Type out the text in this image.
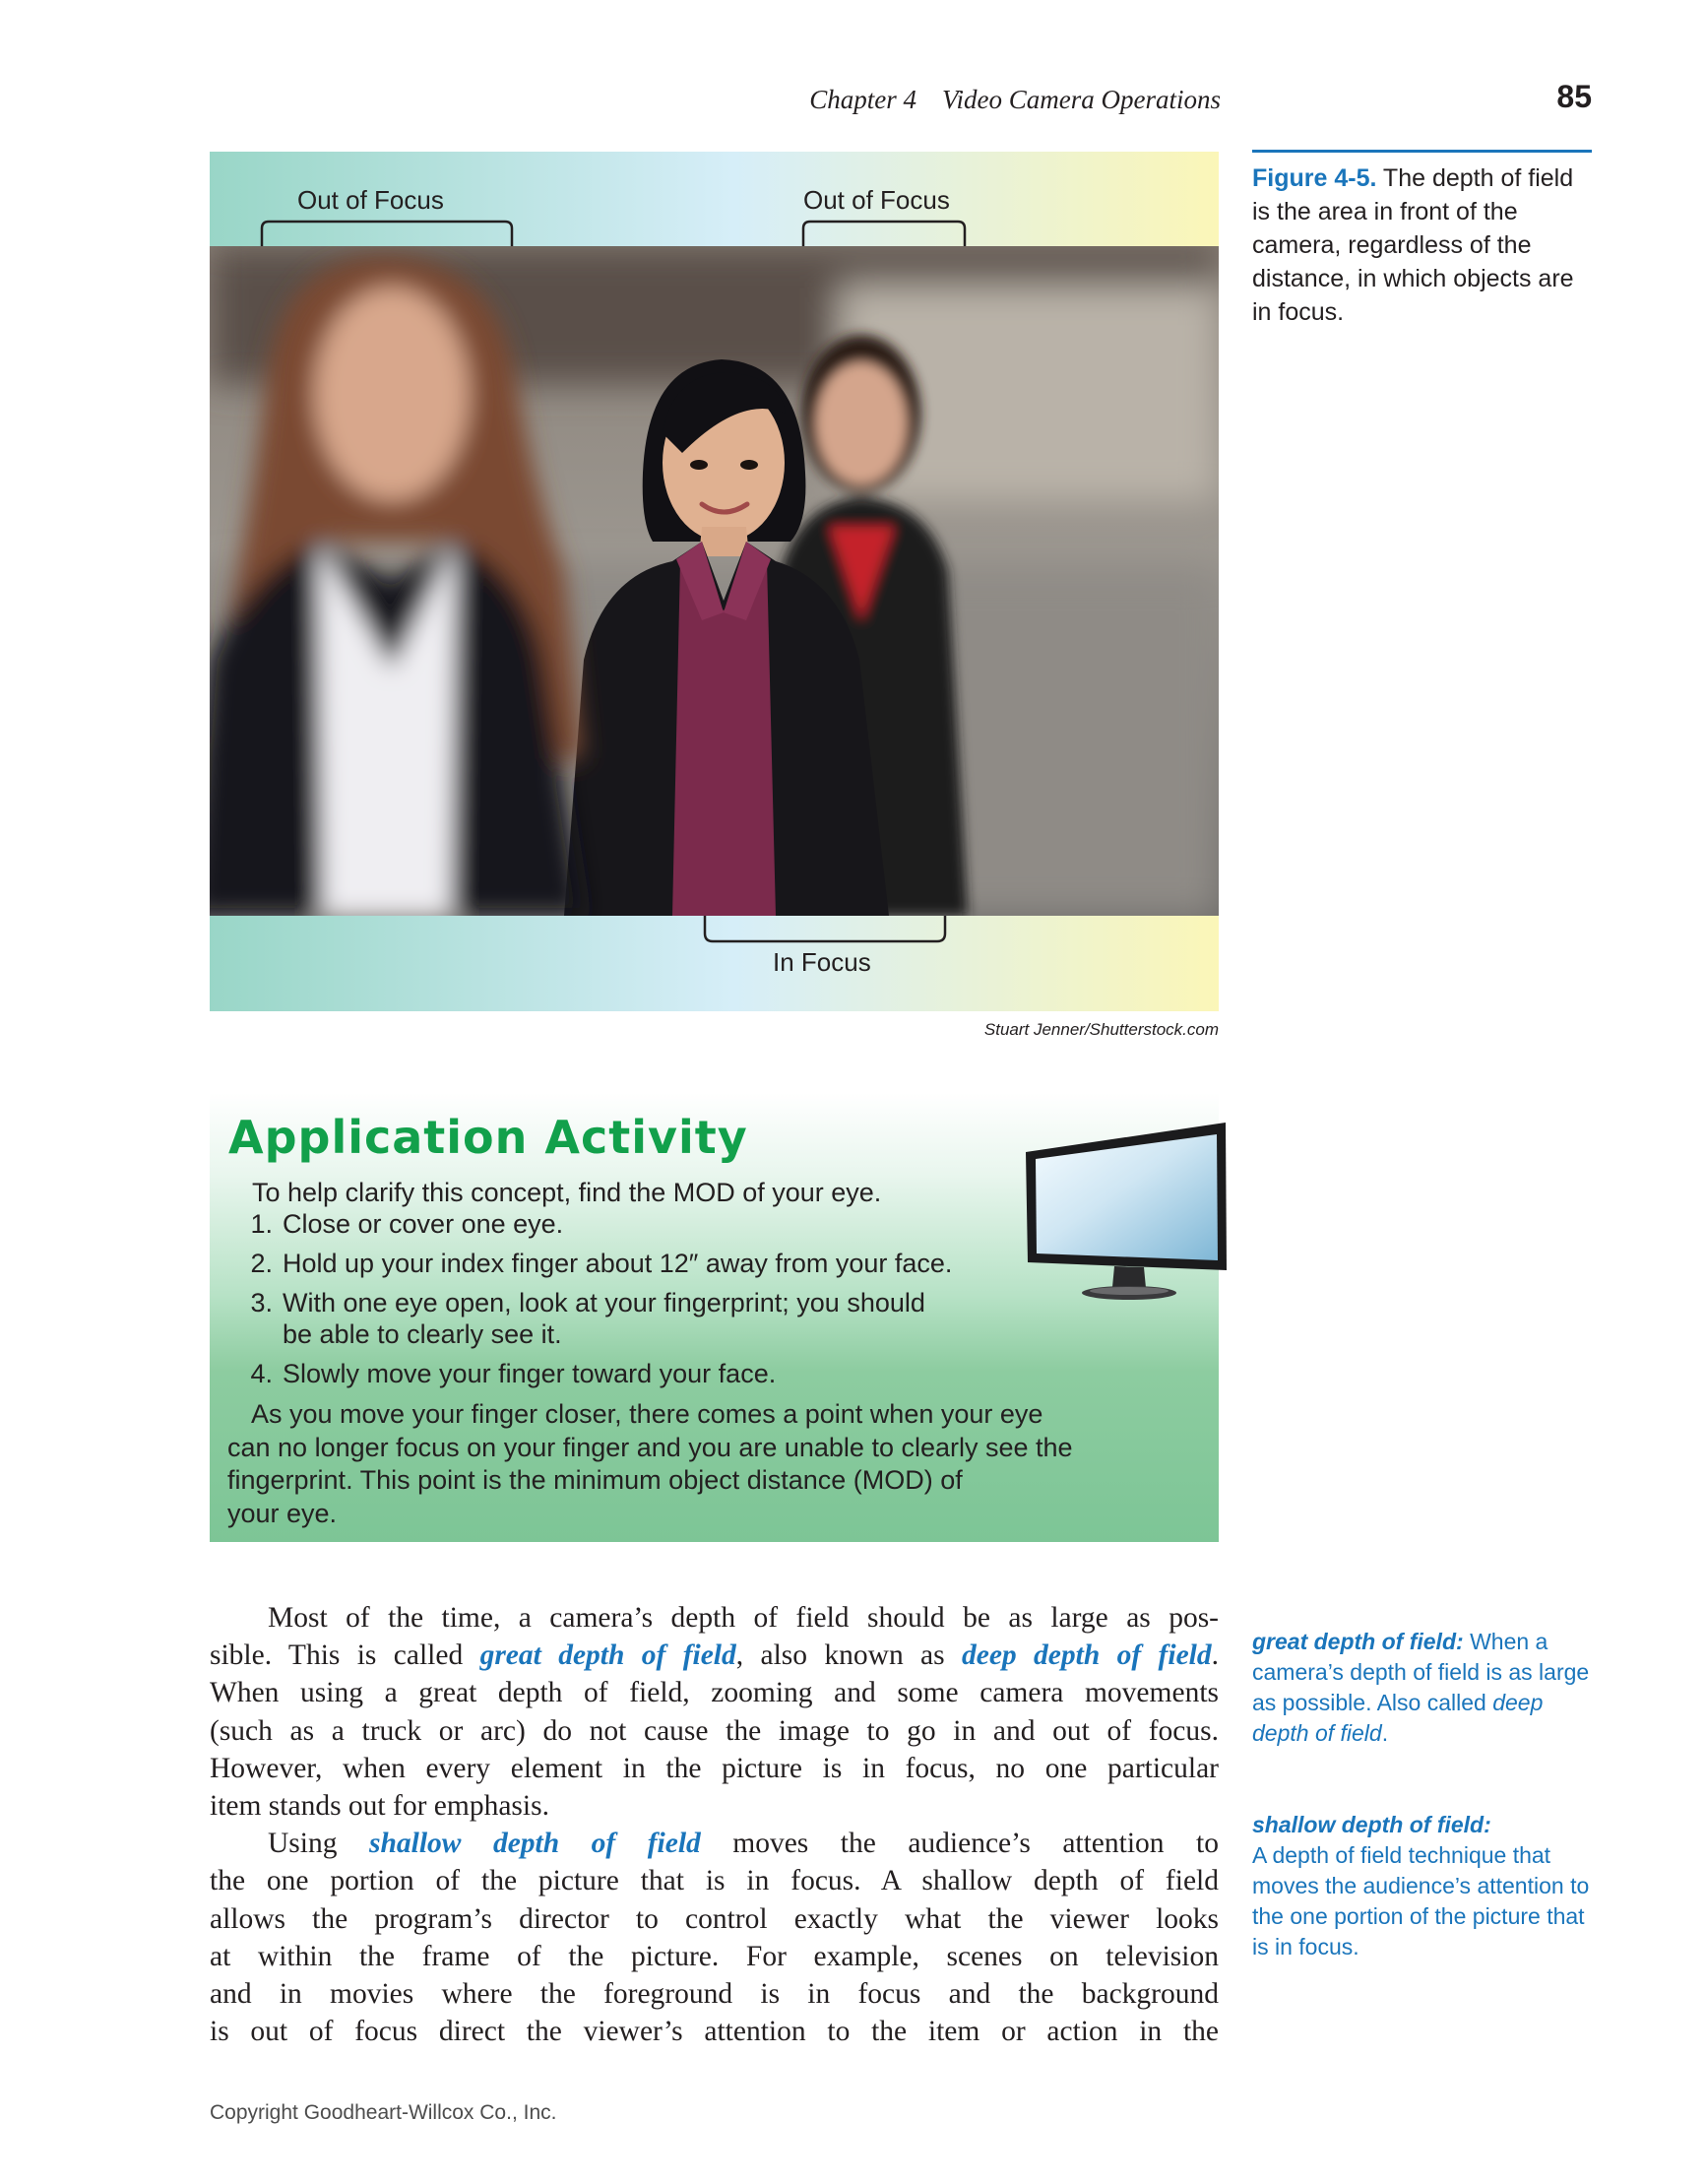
Chapter 4 Video Camera Operations	85
Out of Focus	Out of Focus
In Focus
Stuart Jenner/Shutterstock.com
Figure 4-5. The depth of field is the area in front of the camera, regardless of the distance, in which objects are in focus.
Application Activity
To help clarify this concept, find the MOD of your eye.
1. Close or cover one eye.
2. Hold up your index finger about 12″ away from your face.
3. With one eye open, look at your fingerprint; you should
be able to clearly see it.
4. Slowly move your finger toward your face.
As you move your finger closer, there comes a point when your eye
can no longer focus on your finger and you are unable to clearly see the
fingerprint. This point is the minimum object distance (MOD) of
your eye.
Most of the time, a camera’s depth of field should be as large as pos-
sible. This is called great depth of field, also known as deep depth of field.
When using a great depth of field, zooming and some camera movements
(such as a truck or arc) do not cause the image to go in and out of focus.
However, when every element in the picture is in focus, no one particular
item stands out for emphasis.
Using shallow depth of field moves the audience’s attention to
the one portion of the picture that is in focus. A shallow depth of field
allows the program’s director to control exactly what the viewer looks
at within the frame of the picture. For example, scenes on television
and in movies where the foreground is in focus and the background
is out of focus direct the viewer’s attention to the item or action in the
great depth of field: When a camera’s depth of field is as large as possible. Also called deep depth of field.
shallow depth of field:
A depth of field technique that moves the audience’s attention to the one portion of the picture that is in focus.
Copyright Goodheart-Willcox Co., Inc.
